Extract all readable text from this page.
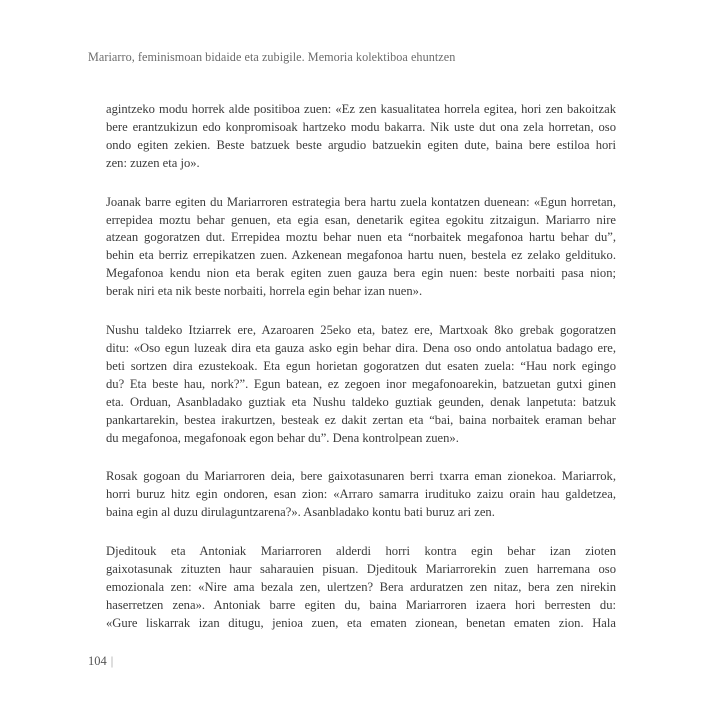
Mariarro, feminismoan bidaide eta zubigile. Memoria kolektiboa ehuntzen

agintzeko modu horrek alde positiboa zuen: «Ez zen kasualitatea horrela egitea, hori zen bakoitzak
bere erantzukizun edo konpromisoak hartzeko modu bakarra. Nik uste dut ona zela horretan, oso
ondo egiten zekien. Beste batzuek beste argudio batzuekin egiten dute, baina bere estiloa hori
zen: zuzen eta jo».

Joanak barre egiten du Mariarroren estrategia bera hartu zuela kontatzen duenean: «Egun horretan,
errepidea moztu behar genuen, eta egia esan, denetarik egitea egokitu zitzaigun. Mariarro nire
atzean gogoratzen dut. Errepidea moztu behar nuen eta “norbaitek megafonoa hartu behar du”,
behin eta berriz errepikatzen zuen. Azkenean megafonoa hartu nuen, bestela ez zelako gelditukо.
Megafonoa kendu nion eta berak egiten zuen gauza bera egin nuen: beste norbaiti pasa nion;
berak niri eta nik beste norbaiti, horrela egin behar izan nuen».

Nushu taldeko Itziarrek ere, Azaroaren 25eko eta, batez ere, Martxoak 8ko grebak gogoratzen
ditu: «Oso egun luzeak dira eta gauza asko egin behar dira. Dena oso ondo antolatua badago ere,
beti sortzen dira ezustekoak. Eta egun horietan gogoratzen dut esaten zuela: “Hau nork egingo
du? Eta beste hau, nork?”. Egun batean, ez zegoen inor megafonoarekin, batzuetan gutxi ginen
eta. Orduan, Asanbladako guztiak eta Nushu taldeko guztiak geunden, denak lanpetuta: batzuk
pankartarekin, bestea irakurtzen, besteak ez dakit zertan eta “bai, baina norbaitek eraman behar
du megafonoa, megafonoak egon behar du”. Dena kontrolpean zuen».

Rosak gogoan du Mariarroren deia, bere gaixotasunaren berri txarra eman zionekoa. Mariarrok,
horri buruz hitz egin ondoren, esan zion: «Arraro samarra iruditukо zaizu orain hau galdetzea,
baina egin al duzu dirulaguntzarena?». Asanbladako kontu bati buruz ari zen.

Djeditouk eta Antoniak Mariarroren alderdi horri kontra egin behar izan zioten
gaixotasunak zituzten haur saharauien pisuan. Djeditouk Mariarrorekin zuen harremana oso
emozionala zen: «Nire ama bezala zen, ulertzen? Bera arduratzen zen nitaz, bera zen nirekin
haserretzen zena». Antoniak barre egiten du, baina Mariarroren izaera hori berresten du:
«Gure liskarrak izan ditugu, jenioa zuen, eta ematen zionean, benetan ematen zion. Hala

104 |
